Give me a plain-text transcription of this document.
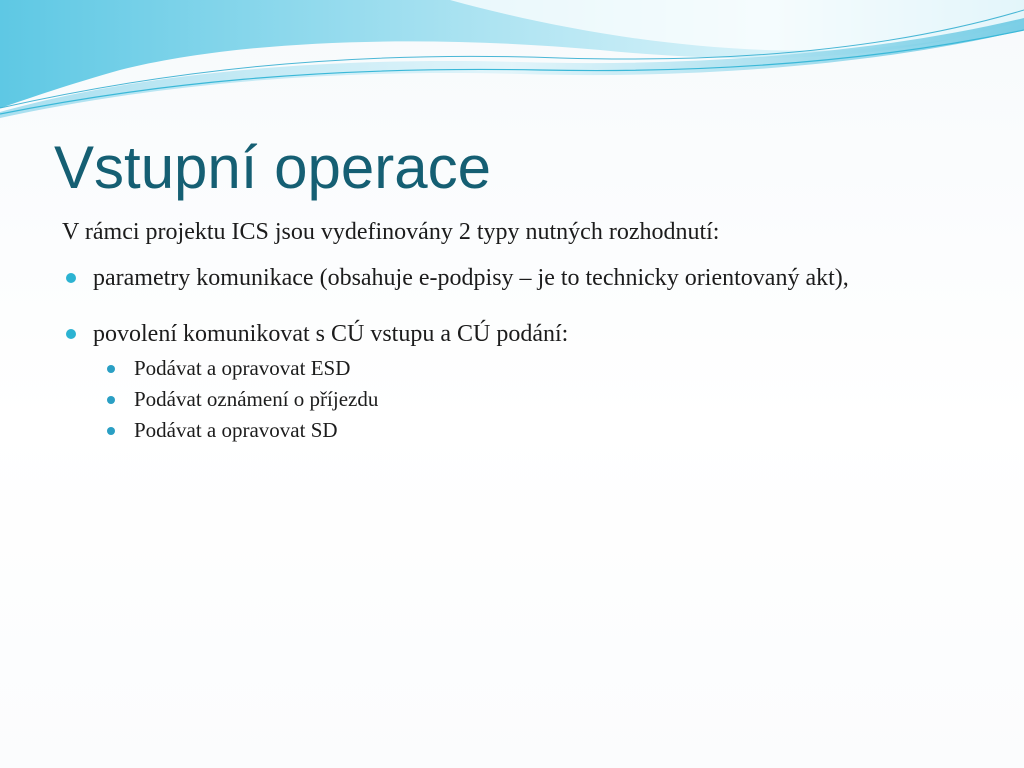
Vstupní operace

V rámci projektu ICS jsou vydefinovány 2 typy nutných rozhodnutí:

parametry komunikace (obsahuje e-podpisy – je to technicky orientovaný akt),
povolení komunikovat s CÚ vstupu a CÚ podání:
Podávat a opravovat ESD
Podávat oznámení o příjezdu
Podávat a opravovat SD
